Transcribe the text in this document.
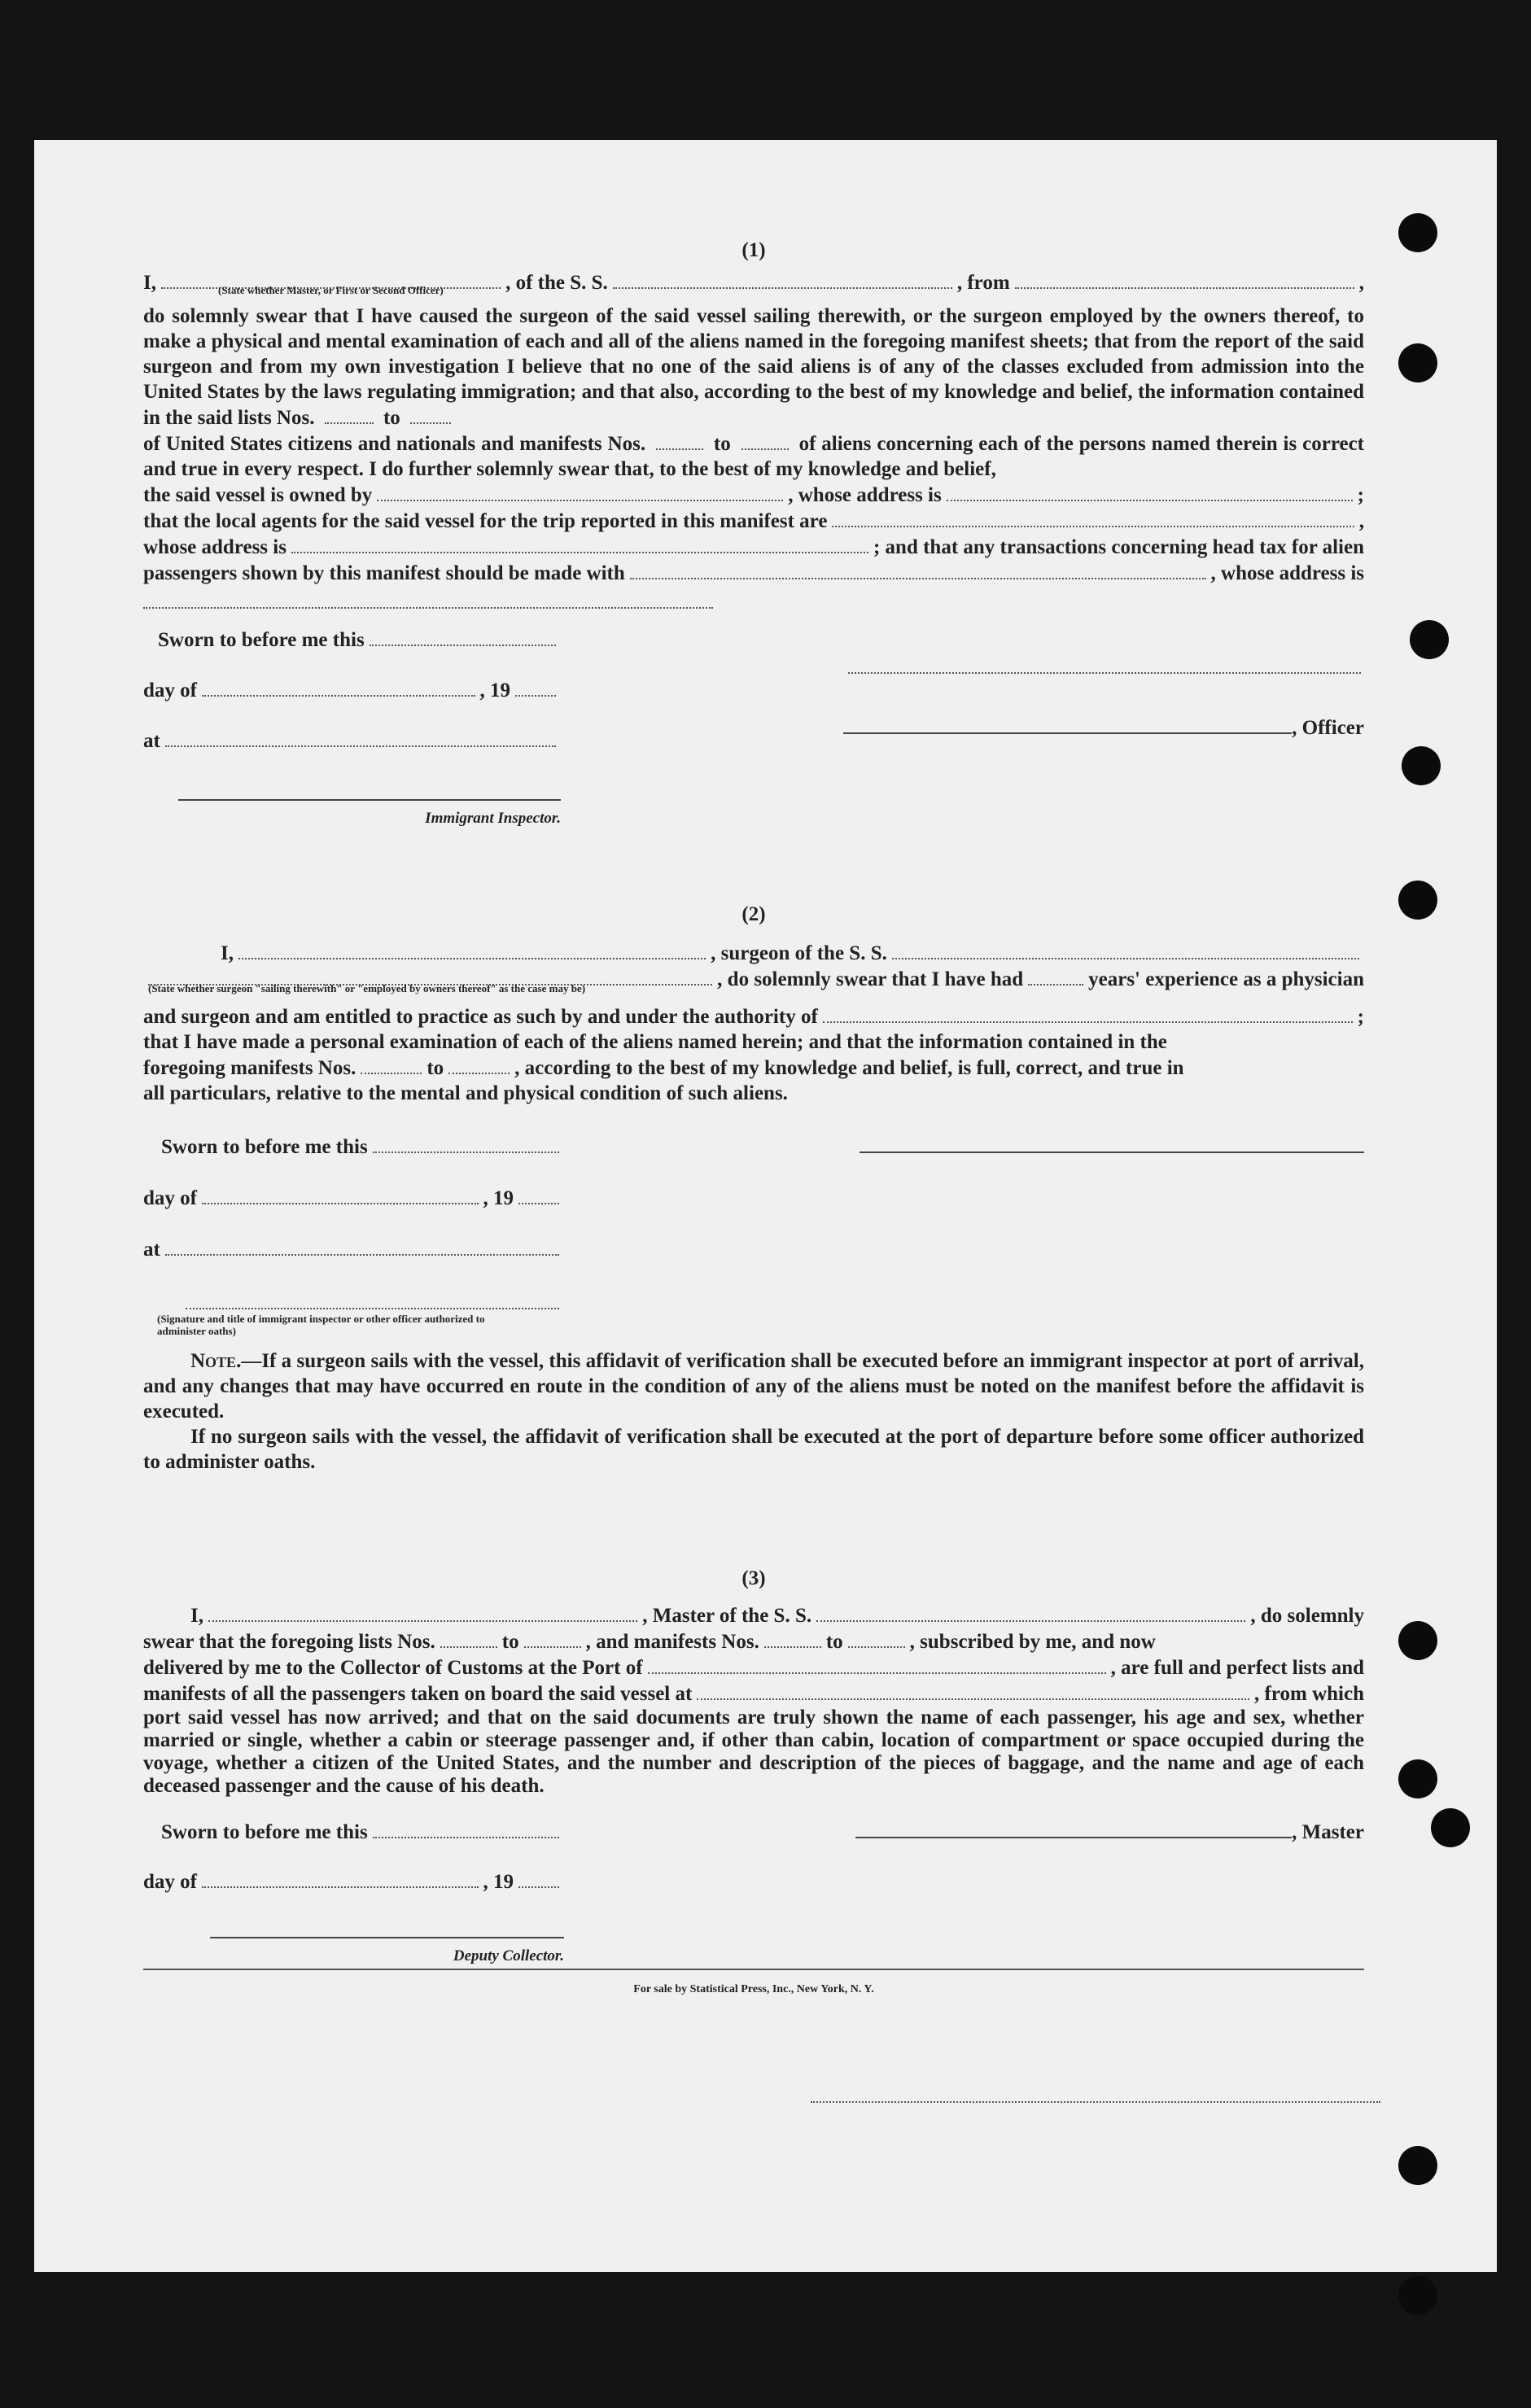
(1)
I,	(State whether Master, or First or Second Officer)	, of the S. S.	, from	,
do solemnly swear that I have caused the surgeon of the said vessel sailing therewith, or the surgeon employed by the owners thereof, to make a physical and mental examination of each and all of the aliens named in the foregoing manifest sheets; that from the report of the said surgeon and from my own investigation I believe that no one of the said aliens is of any of the classes excluded from admission into the United States by the laws regulating immigration; and that also, according to the best of my knowledge and belief, the information contained in the said lists Nos.	to
of United States citizens and nationals and manifests Nos.	to	of aliens concerning each of the persons named therein is correct and true in every respect. I do further solemnly swear that, to the best of my knowledge and belief,
the said vessel is owned by	, whose address is	;
that the local agents for the said vessel for the trip reported in this manifest are	,
whose address is	; and that any transactions concerning head tax for alien
passengers shown by this manifest should be made with	, whose address is
Sworn to before me this
day of	, 19
at
Immigrant Inspector.
, Officer
(2)
I,	, surgeon of the S. S.
(State whether surgeon "sailing therewith" or "employed by owners thereof" as the case may be)	, do solemnly swear that I have had	years' experience as a physician
and surgeon and am entitled to practice as such by and under the authority of	;
that I have made a personal examination of each of the aliens named herein; and that the information contained in the
foregoing manifests Nos.	to	, according to the best of my knowledge and belief, is full, correct, and true in
all particulars, relative to the mental and physical condition of such aliens.
Sworn to before me this
day of	, 19
at
(Signature and title of immigrant inspector or other officer authorized to administer oaths)
Note.—If a surgeon sails with the vessel, this affidavit of verification shall be executed before an immigrant inspector at port of arrival, and any changes that may have occurred en route in the condition of any of the aliens must be noted on the manifest before the affidavit is executed.
If no surgeon sails with the vessel, the affidavit of verification shall be executed at the port of departure before some officer authorized to administer oaths.
(3)
I,	, Master of the S. S.	, do solemnly
swear that the foregoing lists Nos.	to	, and manifests Nos.	to	, subscribed by me, and now
delivered by me to the Collector of Customs at the Port of	, are full and perfect lists and
manifests of all the passengers taken on board the said vessel at	, from which
port said vessel has now arrived; and that on the said documents are truly shown the name of each passenger, his age and sex, whether married or single, whether a cabin or steerage passenger and, if other than cabin, location of compartment or space occupied during the voyage, whether a citizen of the United States, and the number and description of the pieces of baggage, and the name and age of each deceased passenger and the cause of his death.
Sworn to before me this
day of	, 19
Deputy Collector.
, Master
For sale by Statistical Press, Inc., New York, N. Y.
